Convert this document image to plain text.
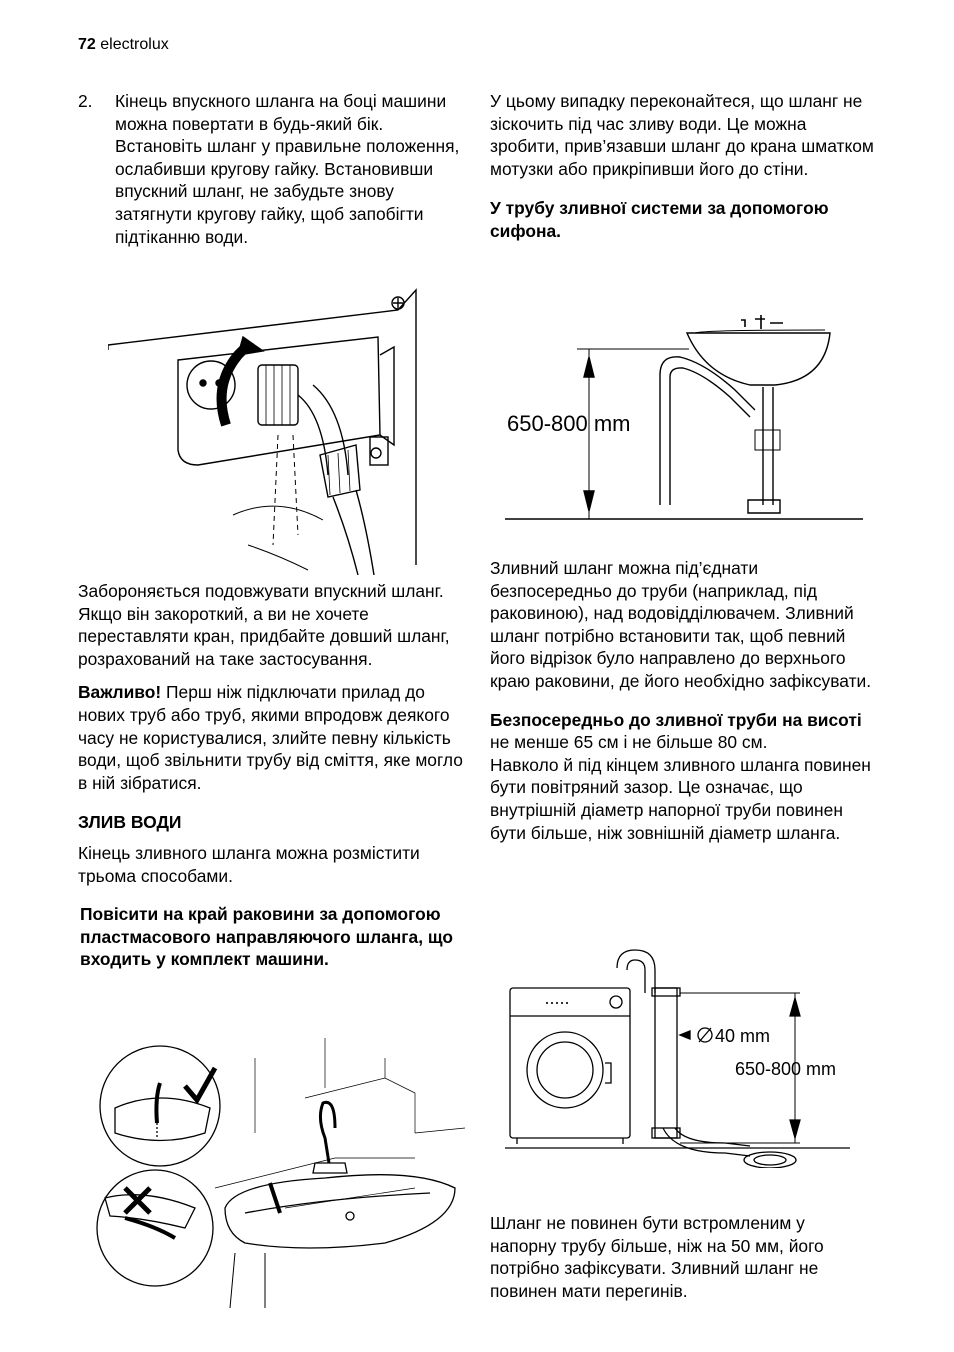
72 electrolux
2.	Кінець впускного шланга на боці машини можна повертати в будь-який бік. Встановіть шланг у правильне положення, ослабивши кругову гайку. Встановивши впускний шланг, не забудьте знову затягнути кругову гайку, щоб запобігти підтіканню води.

Забороняється подовжувати впускний шланг. Якщо він закороткий, а ви не хочете переставляти кран, придбайте довший шланг, розрахований на таке застосування.

Важливо! Перш ніж підключати прилад до нових труб або труб, якими впродовж деякого часу не користувалися, злийте певну кількість води, щоб звільнити трубу від сміття, яке могло в ній зібратися.

ЗЛИВ ВОДИ

Кінець зливного шланга можна розмістити трьома способами.

Повісити на край раковини за допомогою пластмасового направляючого шланга, що входить у комплект машини.

У цьому випадку переконайтеся, що шланг не зіскочить під час зливу води. Це можна зробити, прив’язавши шланг до крана шматком мотузки або прикріпивши його до стіни.

У трубу зливної системи за допомогою сифона.

650-800 mm

Зливний шланг можна під’єднати безпосередньо до труби (наприклад, під раковиною), над водовідділювачем. Зливний шланг потрібно встановити так, щоб певний його відрізок було направлено до верхнього краю раковини, де його необхідно зафіксувати.

Безпосередньо до зливної труби на висоті не менше 65 см і не більше 80 см.

Навколо й під кінцем зливного шланга повинен бути повітряний зазор. Це означає, що внутрішній діаметр напорної труби повинен бути більше, ніж зовнішній діаметр шланга.

40 mm
650-800 mm

Шланг не повинен бути встромленим у напорну трубу більше, ніж на 50 мм, його потрібно зафіксувати. Зливний шланг не повинен мати перегинів.
